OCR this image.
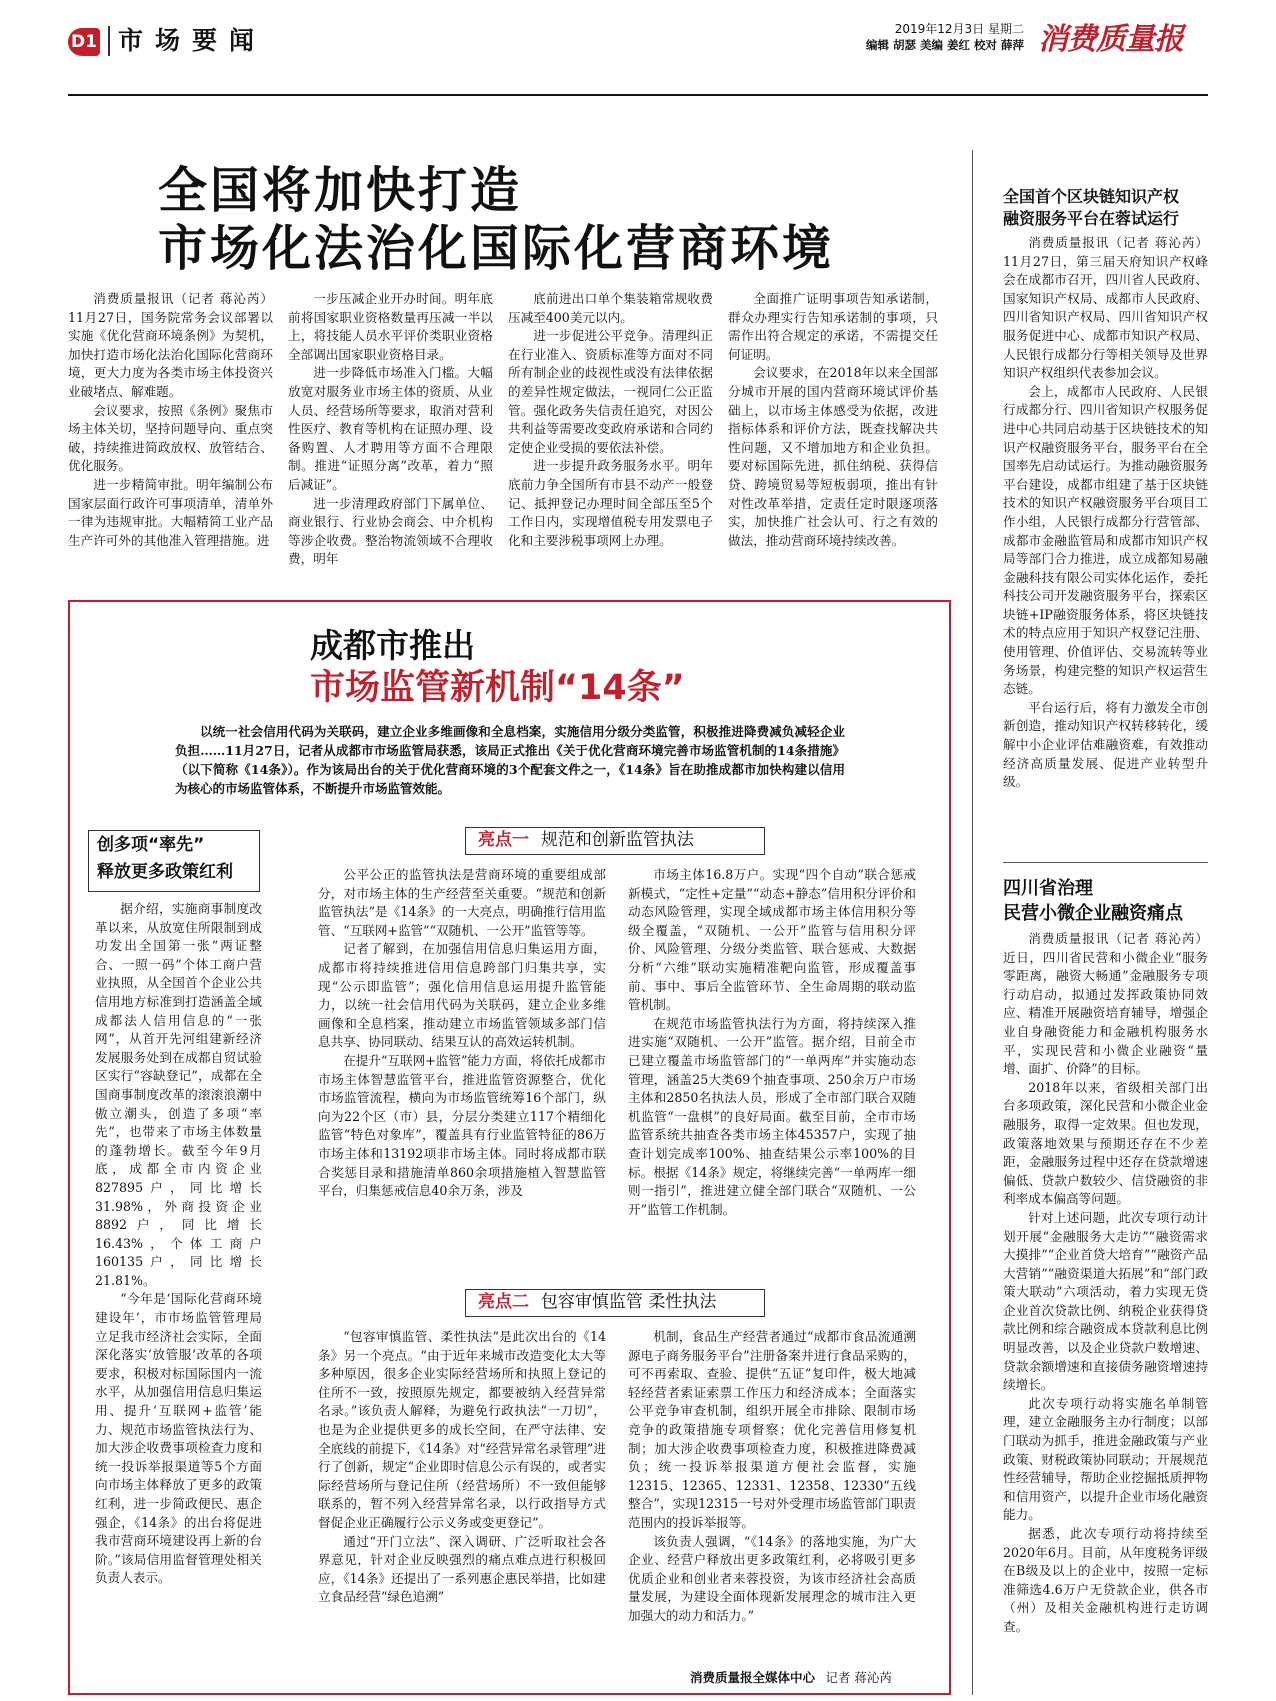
D1 市场要闻	2019年12月3日 星期二
编辑 胡瑟 美编 姜红 校对 薛萍 消费质量报
全国将加快打造
市场化法治化国际化营商环境

消费质量报讯（记者 蒋沁芮）11月27日，国务院常务会议部署以实施《优化营商环境条例》为契机，加快打造市场化法治化国际化营商环境，更大力度为各类市场主体投资兴业破堵点、解难题。

会议要求，按照《条例》聚焦市场主体关切，坚持问题导向、重点突破，持续推进简政放权、放管结合、优化服务。

进一步精简审批。明年编制公布国家层面行政许可事项清单，清单外一律为违规审批。大幅精简工业产品生产许可外的其他准入管理措施。进

一步压减企业开办时间。明年底前将国家职业资格数量再压减一半以上，将技能人员水平评价类职业资格全部调出国家职业资格目录。

进一步降低市场准入门槛。大幅放宽对服务业市场主体的资质、从业人员、经营场所等要求，取消对营利性医疗、教育等机构在证照办理、设备购置、人才聘用等方面不合理限制。推进“证照分离”改革，着力“照后减证”。

进一步清理政府部门下属单位、商业银行、行业协会商会、中介机构等涉企收费。整治物流领域不合理收费，明年

底前进出口单个集装箱常规收费压减至400美元以内。

进一步促进公平竞争。清理纠正在行业准入、资质标准等方面对不同所有制企业的歧视性或没有法律依据的差异性规定做法，一视同仁公正监管。强化政务失信责任追究，对因公共利益等需要改变政府承诺和合同约定使企业受损的要依法补偿。

进一步提升政务服务水平。明年底前力争全国所有市县不动产一般登记、抵押登记办理时间全部压至5个工作日内，实现增值税专用发票电子化和主要涉税事项网上办理。

全面推广证明事项告知承诺制，群众办理实行告知承诺制的事项，只需作出符合规定的承诺，不需提交任何证明。

会议要求，在2018年以来全国部分城市开展的国内营商环境试评价基础上，以市场主体感受为依据，改进指标体系和评价方法，既查找解决共性问题，又不增加地方和企业负担。要对标国际先进，抓住纳税、获得信贷、跨境贸易等短板弱项，推出有针对性改革举措，定责任定时限逐项落实，加快推广社会认可、行之有效的做法，推动营商环境持续改善。

成都市推出
市场监管新机制“14条”
以统一社会信用代码为关联码，建立企业多维画像和全息档案，实施信用分级分类监管，积极推进降费减负减轻企业负担……11月27日，记者从成都市市场监管局获悉，该局正式推出《关于优化营商环境完善市场监管机制的14条措施》（以下简称《14条》）。作为该局出台的关于优化营商环境的3个配套文件之一，《14条》旨在助推成都市加快构建以信用为核心的市场监管体系，不断提升市场监管效能。
创多项“率先”
释放更多政策红利

据介绍，实施商事制度改革以来，从放宽住所限制到成功发出全国第一张“两证整合、一照一码”个体工商户营业执照，从全国首个企业公共信用地方标准到打造涵盖全域成都法人信用信息的“一张网”，从首开先河组建新经济发展服务处到在成都自贸试验区实行“容缺登记”，成都在全国商事制度改革的滚滚浪潮中傲立潮头，创造了多项“率先”，也带来了市场主体数量的蓬勃增长。截至今年9月底，成都全市内资企业827895户，同比增长31.98%，外商投资企业8892户，同比增长16.43%，个体工商户160135户，同比增长21.81%。

“今年是‘国际化营商环境建设年’，市市场监管管理局立足我市经济社会实际，全面深化落实‘放管服’改革的各项要求，积极对标国际国内一流水平，从加强信用信息归集运用、提升‘互联网+监管’能力、规范市场监管执法行为、加大涉企收费事项检查力度和统一投诉举报渠道等5个方面向市场主体释放了更多的政策红利，进一步简政便民、惠企强企，《14条》的出台将促进我市营商环境建设再上新的台阶。”该局信用监督管理处相关负责人表示。

亮点一 规范和创新监管执法

公平公正的监管执法是营商环境的重要组成部分，对市场主体的生产经营至关重要。“规范和创新监管执法”是《14条》的一大亮点，明确推行信用监管、“互联网+监管”“双随机、一公开”监管等等。

记者了解到，在加强信用信息归集运用方面，成都市将持续推进信用信息跨部门归集共享，实现“公示即监管”；强化信用信息运用提升监管能力，以统一社会信用代码为关联码，建立企业多维画像和全息档案，推动建立市场监管领域多部门信息共享、协同联动、结果互认的高效运转机制。

在提升“互联网+监管”能力方面，将依托成都市市场主体智慧监管平台，推进监管资源整合，优化市场监管流程，横向为市场监管统筹16个部门，纵向为22个区（市）县，分层分类建立117个精细化监管“特色对象库”，覆盖具有行业监管特征的86万市场主体和13192项非市场主体。同时将成都市联合奖惩目录和措施清单860余项措施植入智慧监管平台，归集惩戒信息40余万条，涉及

市场主体16.8万户。实现“四个自动”联合惩戒新模式，“定性+定量”“动态+静态”信用积分评价和动态风险管理，实现全域成都市场主体信用积分等级全覆盖，“双随机、一公开”监管与信用积分评价、风险管理、分级分类监管、联合惩戒、大数据分析“六维”联动实施精准靶向监管，形成覆盖事前、事中、事后全监管环节、全生命周期的联动监管机制。

在规范市场监管执法行为方面，将持续深入推进实施“双随机、一公开”监管。据介绍，目前全市已建立覆盖市场监管部门的“一单两库”并实施动态管理，涵盖25大类69个抽查事项、250余万户市场主体和2850名执法人员，形成了全市部门联合双随机监管“一盘棋”的良好局面。截至目前，全市市场监管系统共抽查各类市场主体45357户，实现了抽查计划完成率100%、抽查结果公示率100%的目标。根据《14条》规定，将继续完善“一单两库一细则一指引”，推进建立健全部门联合“双随机、一公开”监管工作机制。

亮点二 包容审慎监管 柔性执法

“包容审慎监管、柔性执法”是此次出台的《14条》另一个亮点。“由于近年来城市改造变化太大等多种原因，很多企业实际经营场所和执照上登记的住所不一致，按照原先规定，都要被纳入经营异常名录。”该负责人解释，为避免行政执法“一刀切”，也是为企业提供更多的成长空间，在严守法律、安全底线的前提下，《14条》对“经营异常名录管理”进行了创新，规定“企业即时信息公示有误的，或者实际经营场所与登记住所（经营场所）不一致但能够联系的，暂不列入经营异常名录，以行政指导方式督促企业正确履行公示义务或变更登记”。

通过“开门立法”、深入调研、广泛听取社会各界意见，针对企业反映强烈的痛点难点进行积极回应，《14条》还提出了一系列惠企惠民举措，比如建立食品经营“绿色追溯”

机制，食品生产经营者通过“成都市食品流通溯源电子商务服务平台”注册备案并进行食品采购的，可不再索取、查验、提供“五证”复印件，极大地减轻经营者索证索票工作压力和经济成本；全面落实公平竞争审查机制，组织开展全市排除、限制市场竞争的政策措施专项督察；优化完善信用修复机制；加大涉企收费事项检查力度，积极推进降费减负；统一投诉举报渠道方便社会监督，实施12315、12365、12331、12358、12330“五线整合”，实现12315一号对外受理市场监管部门职责范围内的投诉举报等。

该负责人强调，“《14条》的落地实施，为广大企业、经营户释放出更多政策红利，必将吸引更多优质企业和创业者来蓉投资，为该市经济社会高质量发展，为建设全面体现新发展理念的城市注入更加强大的动力和活力。”

消费质量报全媒体中心 记者 蒋沁芮
全国首个区块链知识产权
融资服务平台在蓉试运行

消费质量报讯（记者 蒋沁芮）11月27日，第三届天府知识产权峰会在成都市召开，四川省人民政府、国家知识产权局、成都市人民政府、四川省知识产权局、四川省知识产权服务促进中心、成都市知识产权局、人民银行成都分行等相关领导及世界知识产权组织代表参加会议。

会上，成都市人民政府、人民银行成都分行、四川省知识产权服务促进中心共同启动基于区块链技术的知识产权融资服务平台，服务平台在全国率先启动试运行。为推动融资服务平台建设，成都市组建了基于区块链技术的知识产权融资服务平台项目工作小组，人民银行成都分行营管部、成都市金融监管局和成都市知识产权局等部门合力推进，成立成都知易融金融科技有限公司实体化运作，委托科技公司开发融资服务平台，探索区块链+IP融资服务体系，将区块链技术的特点应用于知识产权登记注册、使用管理、价值评估、交易流转等业务场景，构建完整的知识产权运营生态链。

平台运行后，将有力激发全市创新创造，推动知识产权转移转化，缓解中小企业评估难融资难，有效推动经济高质量发展、促进产业转型升级。

四川省治理
民营小微企业融资痛点

消费质量报讯（记者 蒋沁芮）近日，四川省民营和小微企业“服务零距离，融资大畅通”金融服务专项行动启动，拟通过发挥政策协同效应、精准开展融资培育辅导，增强企业自身融资能力和金融机构服务水平，实现民营和小微企业融资“量增、面扩、价降”的目标。

2018年以来，省级相关部门出台多项政策，深化民营和小微企业金融服务，取得一定效果。但也发现，政策落地效果与预期还存在不少差距，金融服务过程中还存在贷款增速偏低、贷款户数较少、信贷融资的非利率成本偏高等问题。

针对上述问题，此次专项行动计划开展“金融服务大走访”“融资需求大摸排”“企业首贷大培育”“融资产品大营销”“融资渠道大拓展”和“部门政策大联动”六项活动，着力实现无贷企业首次贷款比例、纳税企业获得贷款比例和综合融资成本贷款利息比例明显改善，以及企业贷款户数增速、贷款余额增速和直接债务融资增速持续增长。

此次专项行动将实施名单制管理，建立金融服务主办行制度；以部门联动为抓手，推进金融政策与产业政策、财税政策协同联动；开展规范性经营辅导，帮助企业挖掘抵质押物和信用资产，以提升企业市场化融资能力。

据悉，此次专项行动将持续至2020年6月。目前，从年度税务评级在B级及以上的企业中，按照一定标准筛选4.6万户无贷款企业，供各市（州）及相关金融机构进行走访调查。
